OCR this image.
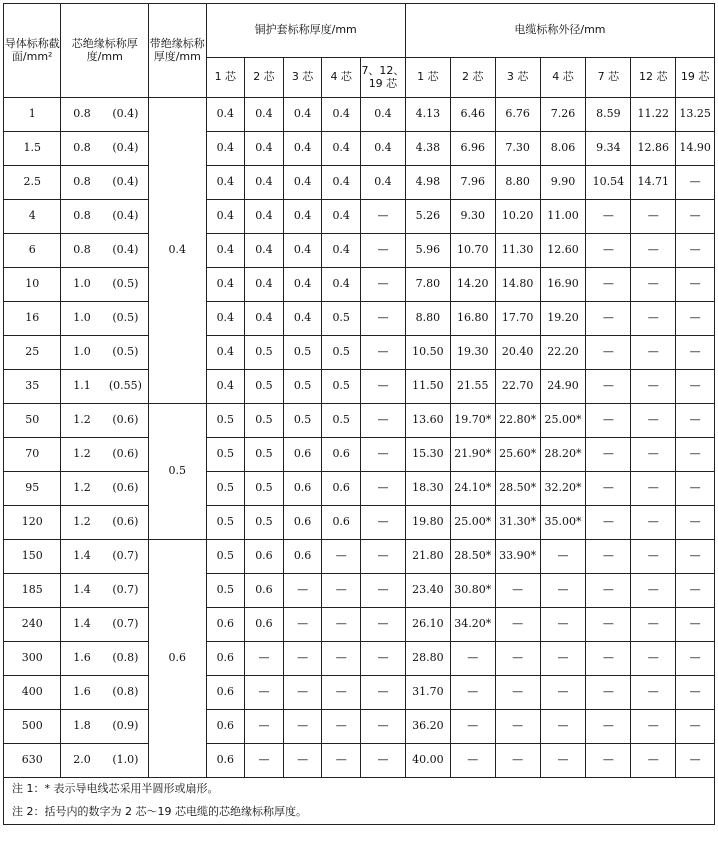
导体标称截面/mm²	芯绝缘标称厚度/mm		带绝缘标称厚度/mm	铜护套标称厚度/mm					电缆标称外径/mm						
				1 芯	2 芯	3 芯	4 芯	7、12、19 芯	1 芯	2 芯	3 芯	4 芯	7 芯	12 芯	19 芯
1	0.8	(0.4)	0.4	0.4	0.4	0.4	0.4	0.4	4.13	6.46	6.76	7.26	8.59	11.22	13.25
1.5	0.8	(0.4)		0.4	0.4	0.4	0.4	0.4	4.38	6.96	7.30	8.06	9.34	12.86	14.90
2.5	0.8	(0.4)		0.4	0.4	0.4	0.4	0.4	4.98	7.96	8.80	9.90	10.54	14.71	—
4	0.8	(0.4)		0.4	0.4	0.4	0.4	—	5.26	9.30	10.20	11.00	—	—	—
6	0.8	(0.4)		0.4	0.4	0.4	0.4	—	5.96	10.70	11.30	12.60	—	—	—
10	1.0	(0.5)		0.4	0.4	0.4	0.4	—	7.80	14.20	14.80	16.90	—	—	—
16	1.0	(0.5)		0.4	0.4	0.4	0.5	—	8.80	16.80	17.70	19.20	—	—	—
25	1.0	(0.5)		0.4	0.5	0.5	0.5	—	10.50	19.30	20.40	22.20	—	—	—
35	1.1	(0.55)		0.4	0.5	0.5	0.5	—	11.50	21.55	22.70	24.90	—	—	—
50	1.2	(0.6)	0.5	0.5	0.5	0.5	0.5	—	13.60	19.70*	22.80*	25.00*	—	—	—
70	1.2	(0.6)		0.5	0.5	0.6	0.6	—	15.30	21.90*	25.60*	28.20*	—	—	—
95	1.2	(0.6)		0.5	0.5	0.6	0.6	—	18.30	24.10*	28.50*	32.20*	—	—	—
120	1.2	(0.6)		0.5	0.5	0.6	0.6	—	19.80	25.00*	31.30*	35.00*	—	—	—
150	1.4	(0.7)	0.6	0.5	0.6	0.6	—	—	21.80	28.50*	33.90*	—	—	—	—
185	1.4	(0.7)		0.5	0.6	—	—	—	23.40	30.80*	—	—	—	—	—
240	1.4	(0.7)		0.6	0.6	—	—	—	26.10	34.20*	—	—	—	—	—
300	1.6	(0.8)		0.6	—	—	—	—	28.80	—	—	—	—	—	—
400	1.6	(0.8)		0.6	—	—	—	—	31.70	—	—	—	—	—	—
500	1.8	(0.9)		0.6	—	—	—	—	36.20	—	—	—	—	—	—
630	2.0	(1.0)		0.6	—	—	—	—	40.00	—	—	—	—	—	—
注 1：* 表示导电线芯采用半圆形或扇形。															
注 2：括号内的数字为 2 芯～19 芯电缆的芯绝缘标称厚度。															
